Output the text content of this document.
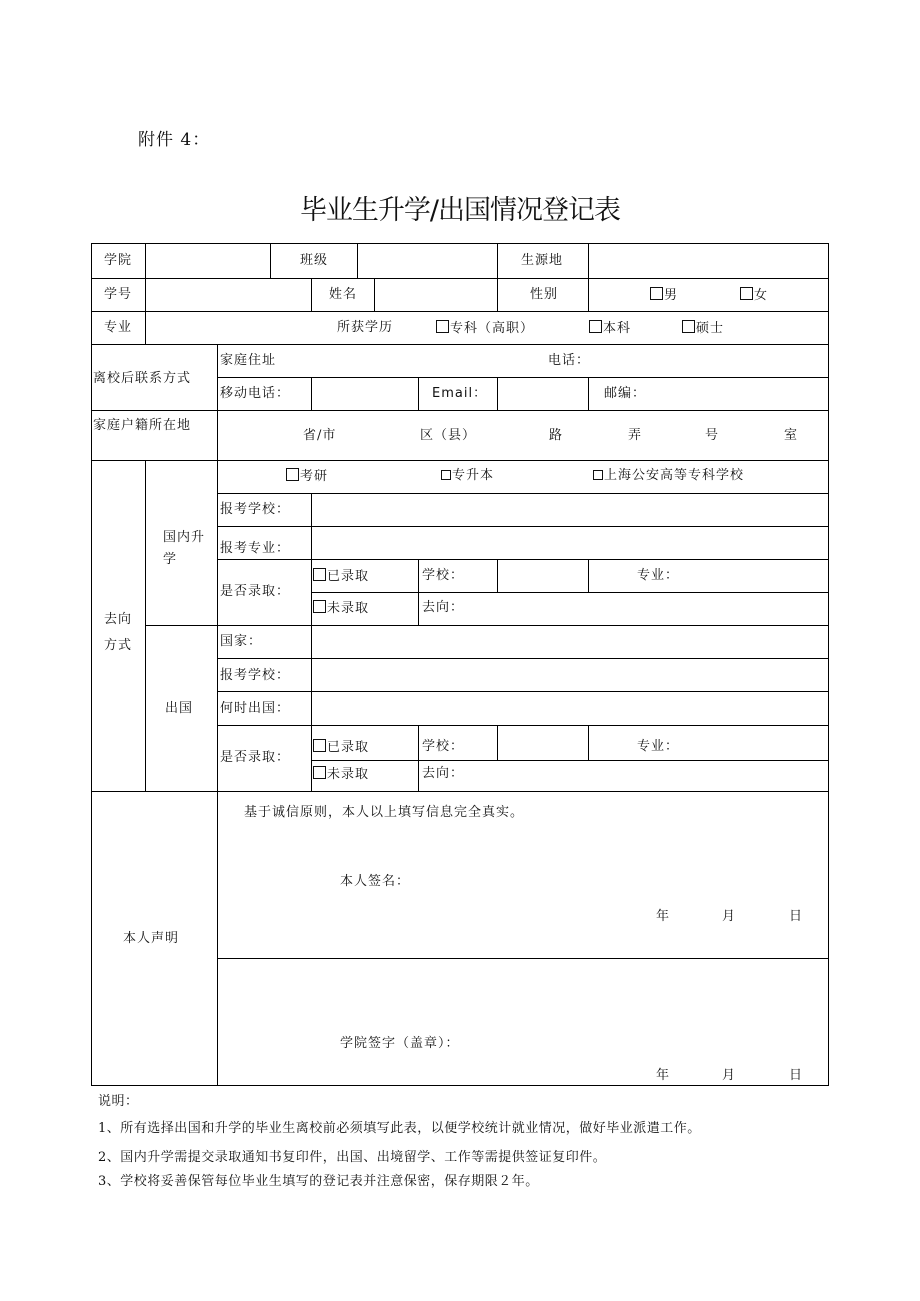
附件 4：
毕业生升学/出国情况登记表
学院	班级	生源地
学号	姓名	性别	男	女
专业	所获学历	专科（高职）	本科	硕士
离校后联系方式
家庭住址	电话：
移动电话：	Email：	邮编：
家庭户籍所在地
省/市	区（县）	路	弄	号	室
去向方式
国内升学
考研	专升本	上海公安高等专科学校
报考学校：
报考专业：
是否录取：
已录取	学校：	专业：
未录取	去向：
出国
国家：
报考学校：
何时出国：
是否录取：
已录取	学校：	专业：
未录取	去向：
本人声明
基于诚信原则，本人以上填写信息完全真实。
本人签名：
年	月	日
学院签字（盖章）：
年	月	日
说明：
1、所有选择出国和升学的毕业生离校前必须填写此表，以便学校统计就业情况，做好毕业派遣工作。
2、国内升学需提交录取通知书复印件，出国、出境留学、工作等需提供签证复印件。
3、学校将妥善保管每位毕业生填写的登记表并注意保密，保存期限２年。
